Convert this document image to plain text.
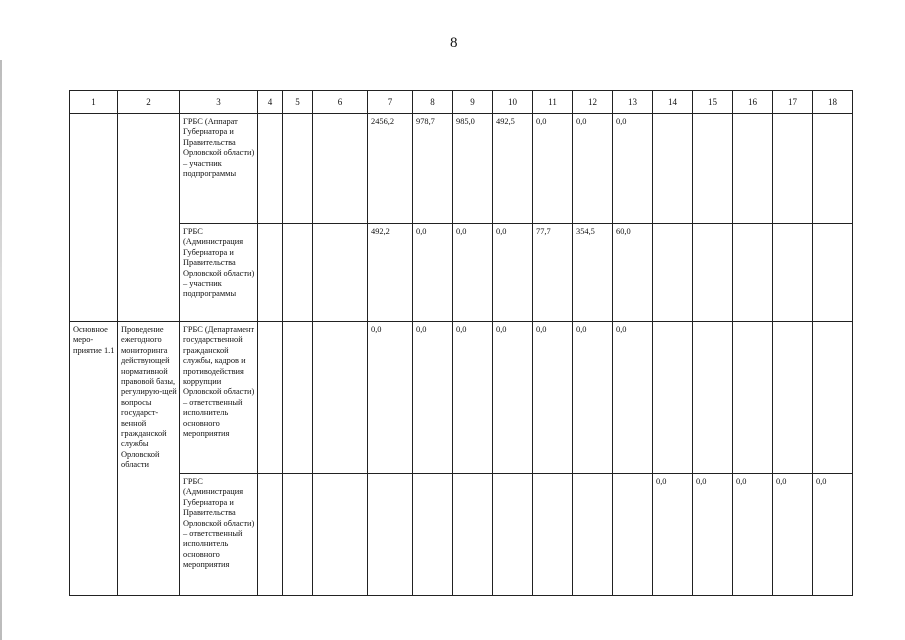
8
1	2	3	4	5	6	7	8	9	10	11	12	13	14	15	16	17	18
		ГРБС (Аппарат Губернатора и Правительства Орловской области) – участник подпрограммы				2456,2	978,7	985,0	492,5	0,0	0,0	0,0					
		ГРБС (Администрация Губернатора и Правительства Орловской области) – участник подпрограммы				492,2	0,0	0,0	0,0	77,7	354,5	60,0					
Основное меро-приятие 1.1	Проведение ежегодного мониторинга действующей нормативной правовой базы, регулирую-щей вопросы государст-венной гражданской службы Орловской области	ГРБС (Департамент государственной гражданской службы, кадров и противодействия коррупции Орловской области) – ответственный исполнитель основного мероприятия				0,0	0,0	0,0	0,0	0,0	0,0	0,0					
		ГРБС (Администрация Губернатора и Правительства Орловской области) – ответственный исполнитель основного мероприятия											0,0	0,0	0,0	0,0	0,0
